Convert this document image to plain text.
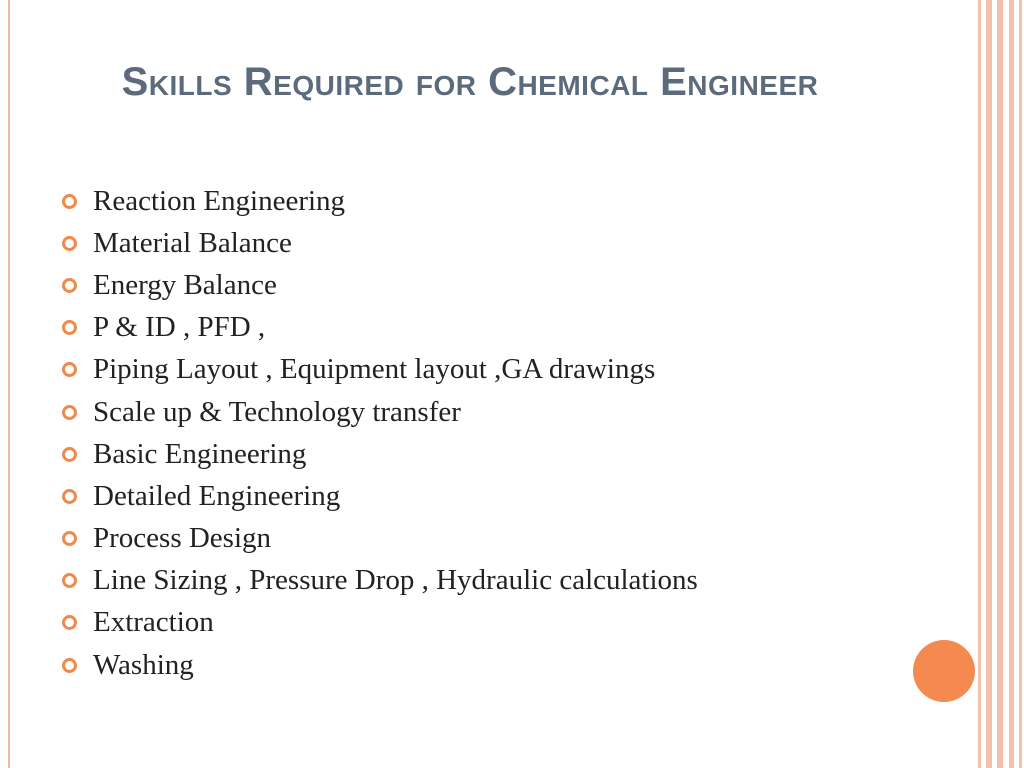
Skills Required for Chemical Engineer
Reaction Engineering
Material Balance
Energy Balance
P & ID , PFD ,
Piping Layout , Equipment layout ,GA drawings
Scale up & Technology transfer
Basic Engineering
Detailed Engineering
Process Design
Line Sizing , Pressure Drop , Hydraulic calculations
Extraction
Washing
